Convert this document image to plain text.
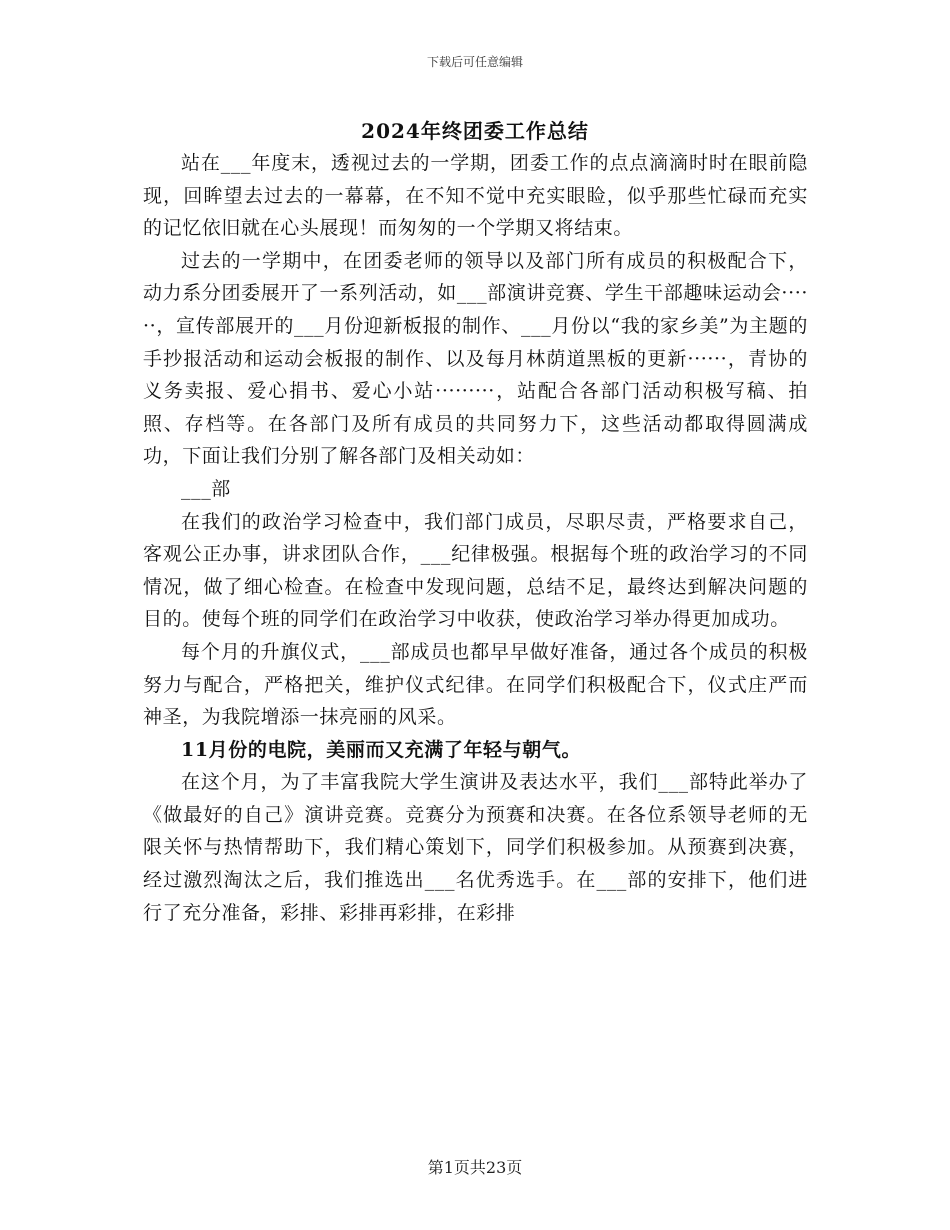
下载后可任意编辑
2024年终团委工作总结

站在___年度末，透视过去的一学期，团委工作的点点滴滴时时在眼前隐现，回眸望去过去的一幕幕，在不知不觉中充实眼睑，似乎那些忙碌而充实的记忆依旧就在心头展现！而匆匆的一个学期又将结束。

过去的一学期中，在团委老师的领导以及部门所有成员的积极配合下，动力系分团委展开了一系列活动，如___部演讲竞赛、学生干部趣味运动会······，宣传部展开的___月份迎新板报的制作、___月份以“我的家乡美”为主题的手抄报活动和运动会板报的制作、以及每月林荫道黑板的更新······，青协的义务卖报、爱心捐书、爱心小站·········，站配合各部门活动积极写稿、拍照、存档等。在各部门及所有成员的共同努力下，这些活动都取得圆满成功，下面让我们分别了解各部门及相关动如：

___部

在我们的政治学习检查中，我们部门成员，尽职尽责，严格要求自己，客观公正办事，讲求团队合作，___纪律极强。根据每个班的政治学习的不同情况，做了细心检查。在检查中发现问题，总结不足，最终达到解决问题的目的。使每个班的同学们在政治学习中收获，使政治学习举办得更加成功。

每个月的升旗仪式，___部成员也都早早做好准备，通过各个成员的积极努力与配合，严格把关，维护仪式纪律。在同学们积极配合下，仪式庄严而神圣，为我院增添一抹亮丽的风采。

11月份的电院，美丽而又充满了年轻与朝气。

在这个月，为了丰富我院大学生演讲及表达水平，我们___部特此举办了《做最好的自己》演讲竞赛。竞赛分为预赛和决赛。在各位系领导老师的无限关怀与热情帮助下，我们精心策划下，同学们积极参加。从预赛到决赛，经过激烈淘汰之后，我们推选出___名优秀选手。在___部的安排下，他们进行了充分准备，彩排、彩排再彩排，在彩排

第1页共23页
